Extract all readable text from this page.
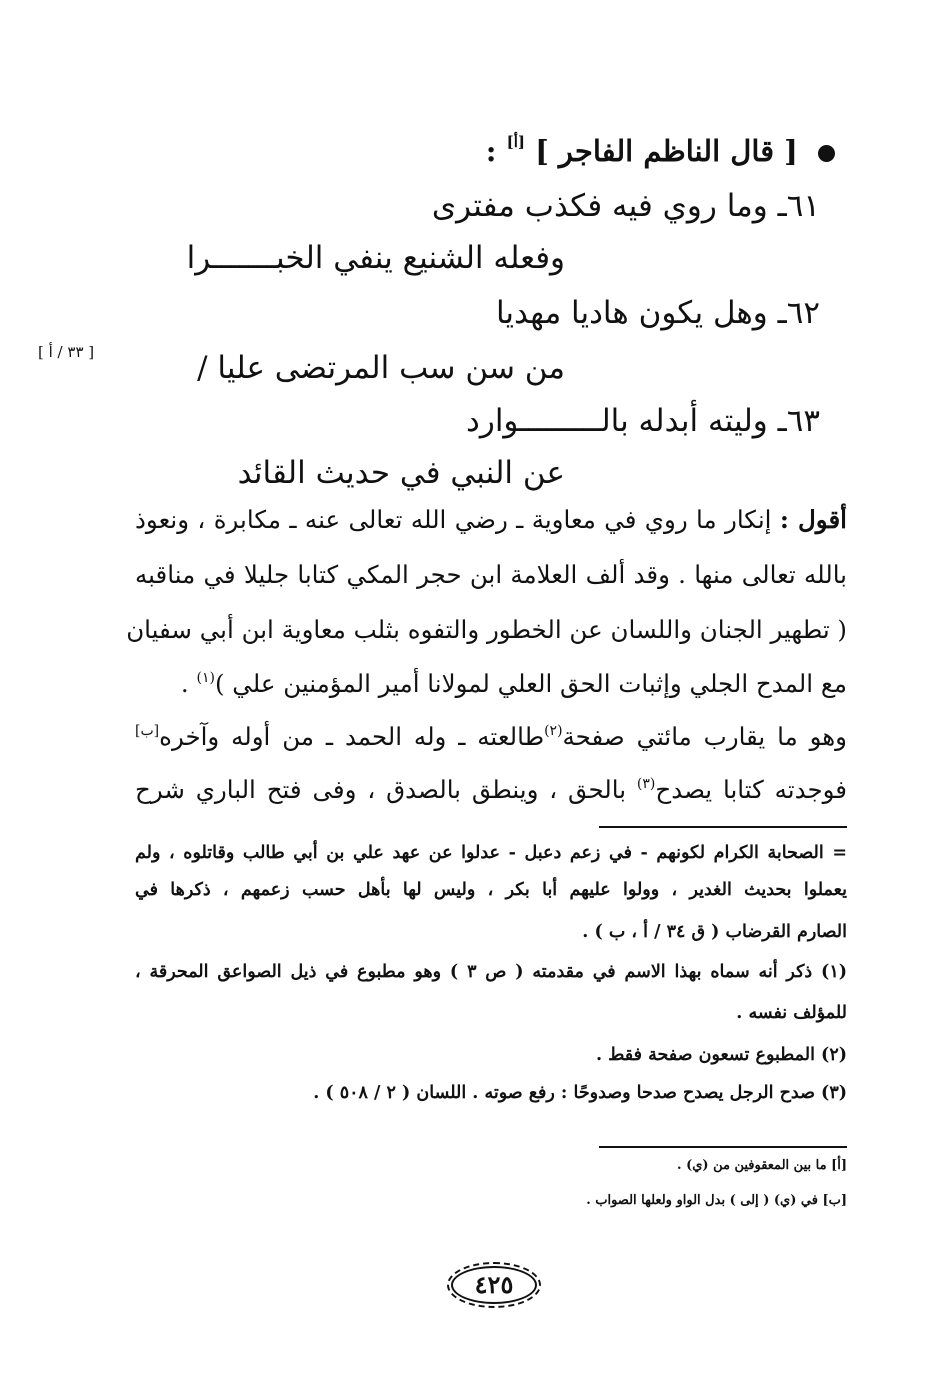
[ قال الناظم الفاجر ] [أ] :
٦١ـ وما روي فيه فكذب مفترى
وفعله الشنيع ينفي الخبـــــــرا
٦٢ـ وهل يكون هاديا مهديا
من سن سب المرتضى عليا /
٦٣ـ وليته أبدله بالـــــــــوارد
عن النبي في حديث القائد
[ ٣٣ / أ ]
أقول : إنكار ما روي في معاوية ـ رضي الله تعالى عنه ـ مكابرة ، ونعوذ
بالله تعالى منها . وقد ألف العلامة ابن حجر المكي كتابا جليلا في مناقبه
( تطهير الجنان واللسان عن الخطور والتفوه بثلب معاوية ابن أبي سفيان
مع المدح الجلي وإثبات الحق العلي لمولانا أمير المؤمنين علي )$^{(١)}$ .
وهو ما يقارب مائتي صفحة$^{(٢)}$طالعته ـ وله الحمد ـ من أوله وآخره[ب]
فوجدته كتابا يصدح$^{(٣)}$ بالحق ، وينطق بالصدق ، وفى فتح الباري شرح
= الصحابة الكرام لكونهم - في زعم دعبل - عدلوا عن عهد علي بن أبي طالب وقاتلوه ، ولم
يعملوا بحديث الغدير ، وولوا عليهم أبا بكر ، وليس لها بأهل حسب زعمهم ، ذكرها في
الصارم القرضاب ( ق ٣٤ / أ ، ب ) .
(١) ذكر أنه سماه بهذا الاسم في مقدمته ( ص ٣ ) وهو مطبوع في ذيل الصواعق المحرقة ،
للمؤلف نفسه .
(٢) المطبوع تسعون صفحة فقط .
(٣) صدح الرجل يصدح صدحا وصدوحًا : رفع صوته . اللسان ( ٢ / ٥٠٨ ) .
[أ] ما بين المعقوفين من (ي) .
[ب] في (ي) ( إلى ) بدل الواو ولعلها الصواب .
٤٢٥
